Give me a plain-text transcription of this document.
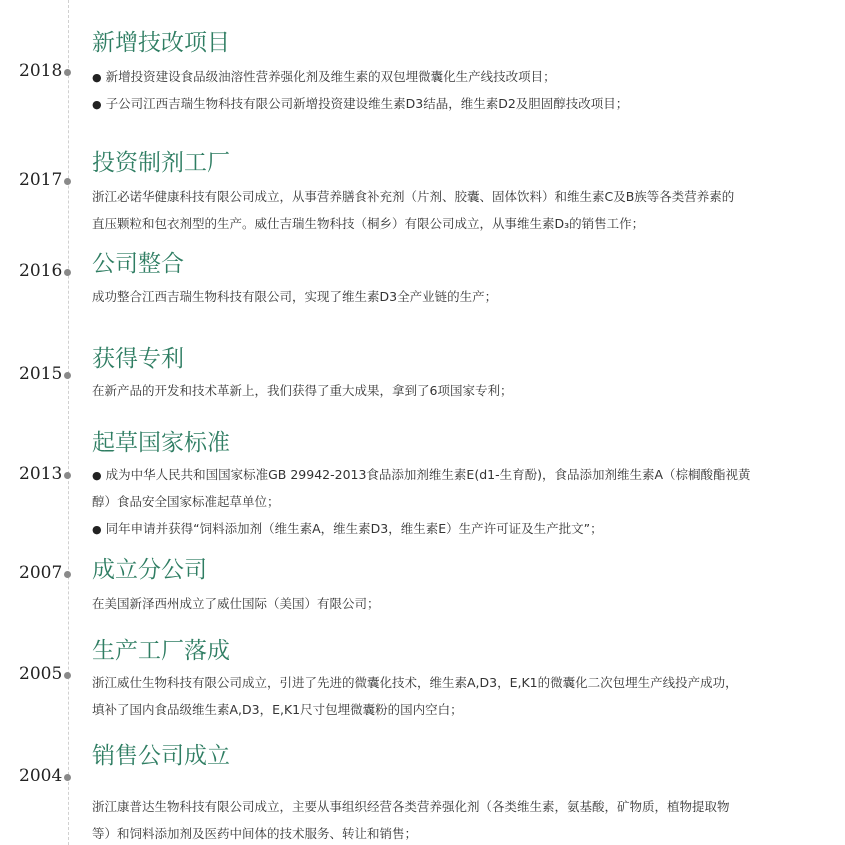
2018
新增技改项目
● 新增投资建设食品级油溶性营养强化剂及维生素的双包埋微囊化生产线技改项目；
● 子公司江西吉瑞生物科技有限公司新增投资建设维生素D3结晶，维生素D2及胆固醇技改项目；
2017
投资制剂工厂
浙江必诺华健康科技有限公司成立，从事营养膳食补充剂（片剂、胶囊、固体饮料）和维生素C及B族等各类营养素的
直压颗粒和包衣剂型的生产。威仕吉瑞生物科技（桐乡）有限公司成立，从事维生素D₃的销售工作；
2016 公司整合
成功整合江西吉瑞生物科技有限公司，实现了维生素D3全产业链的生产；
2015
获得专利
在新产品的开发和技术革新上，我们获得了重大成果，拿到了6项国家专利；
2013
起草国家标准
● 成为中华人民共和国国家标准GB 29942-2013食品添加剂维生素E(d1-生育酚)，食品添加剂维生素A（棕榈酸酯视黄
醇）食品安全国家标准起草单位；
● 同年申请并获得“饲料添加剂（维生素A，维生素D3，维生素E）生产许可证及生产批文”；
2007 成立分公司
在美国新泽西州成立了威仕国际（美国）有限公司；
2005
生产工厂落成
浙江威仕生物科技有限公司成立，引进了先进的微囊化技术，维生素A,D3，E,K1的微囊化二次包埋生产线投产成功，
填补了国内食品级维生素A,D3，E,K1尺寸包埋微囊粉的国内空白；
2004
销售公司成立
浙江康普达生物科技有限公司成立，主要从事组织经营各类营养强化剂（各类维生素，氨基酸，矿物质，植物提取物
等）和饲料添加剂及医药中间体的技术服务、转让和销售；
